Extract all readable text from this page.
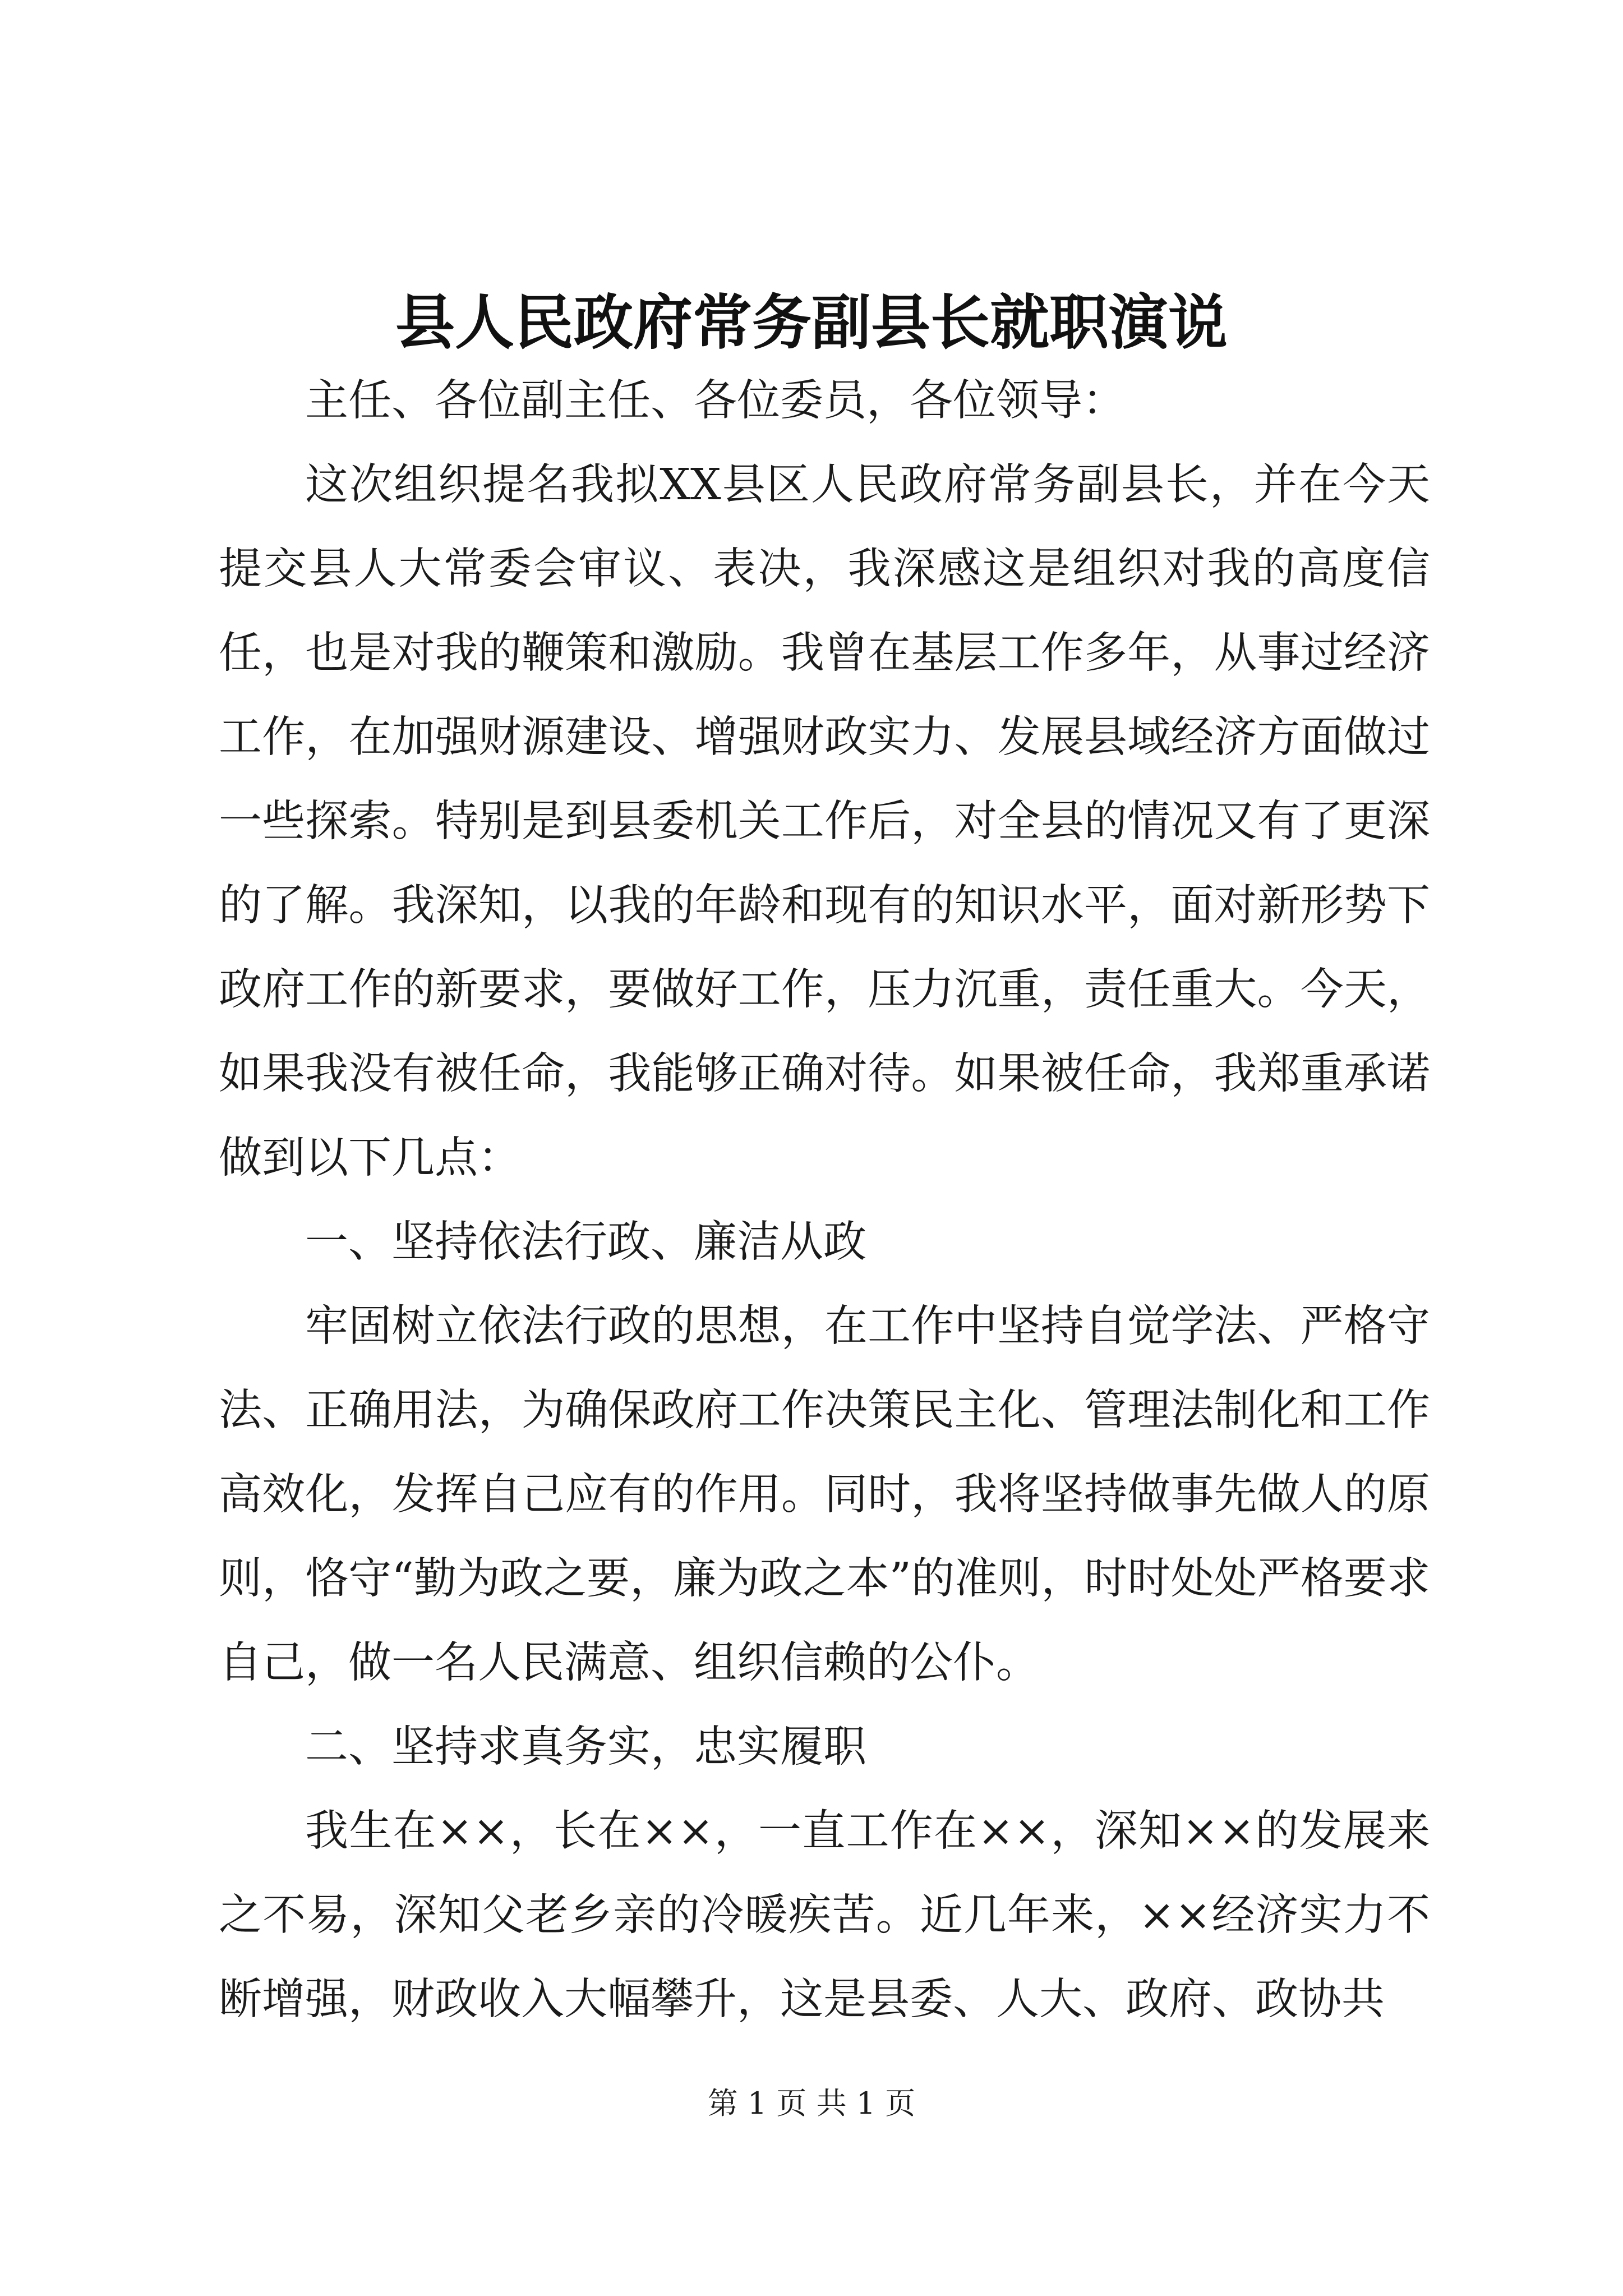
县人民政府常务副县长就职演说

主任、各位副主任、各位委员，各位领导：

这次组织提名我拟XX县区人民政府常务副县长，并在今天提交县人大常委会审议、表决，我深感这是组织对我的高度信任，也是对我的鞭策和激励。我曾在基层工作多年，从事过经济工作，在加强财源建设、增强财政实力、发展县域经济方面做过一些探索。特别是到县委机关工作后，对全县的情况又有了更深的了解。我深知，以我的年龄和现有的知识水平，面对新形势下政府工作的新要求，要做好工作，压力沉重，责任重大。今天，如果我没有被任命，我能够正确对待。如果被任命，我郑重承诺做到以下几点：

一、坚持依法行政、廉洁从政

牢固树立依法行政的思想，在工作中坚持自觉学法、严格守法、正确用法，为确保政府工作决策民主化、管理法制化和工作高效化，发挥自己应有的作用。同时，我将坚持做事先做人的原则，恪守“勤为政之要，廉为政之本”的准则，时时处处严格要求自己，做一名人民满意、组织信赖的公仆。

二、坚持求真务实，忠实履职

我生在××，长在××，一直工作在××，深知××的发展来之不易，深知父老乡亲的冷暖疾苦。近几年来，××经济实力不断增强，财政收入大幅攀升，这是县委、人大、政府、政协共

第 1 页 共 1 页
